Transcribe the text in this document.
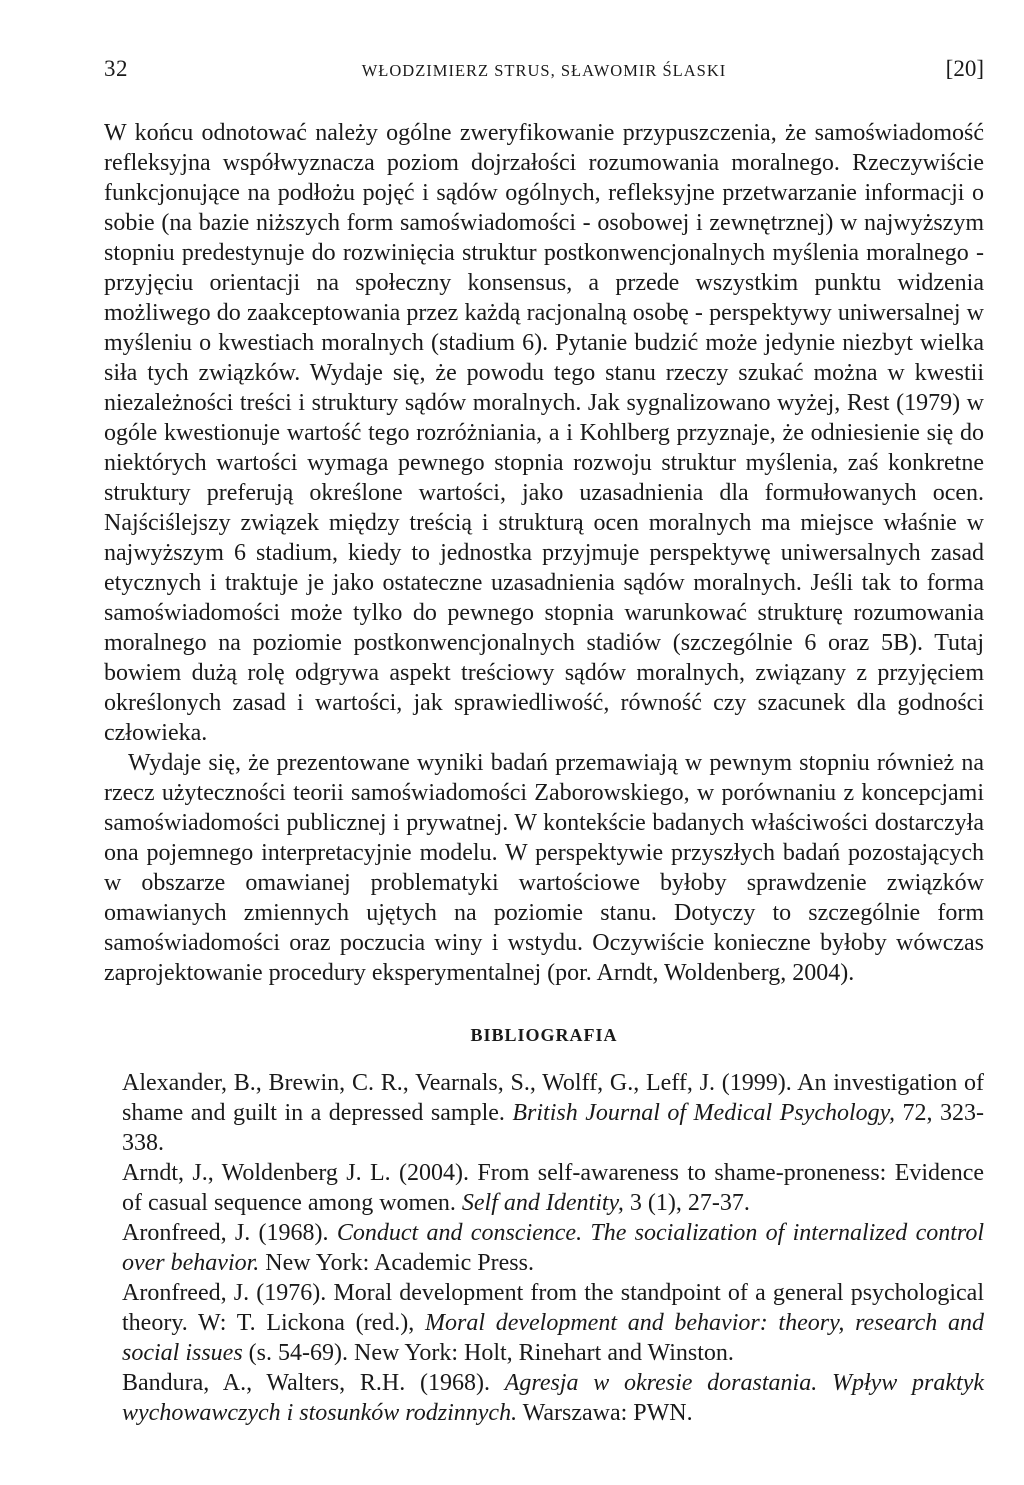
32	WŁODZIMIERZ STRUS, SŁAWOMIR ŚLASKI	[20]

W końcu odnotować należy ogólne zweryfikowanie przypuszczenia, że samoświadomość refleksyjna współwyznacza poziom dojrzałości rozumowania moralnego. Rzeczywiście funkcjonujące na podłożu pojęć i sądów ogólnych, refleksyjne przetwarzanie informacji o sobie (na bazie niższych form samoświadomości - osobowej i zewnętrznej) w najwyższym stopniu predestynuje do rozwinięcia struktur postkonwencjonalnych myślenia moralnego - przyjęciu orientacji na społeczny konsensus, a przede wszystkim punktu widzenia możliwego do zaakceptowania przez każdą racjonalną osobę - perspektywy uniwersalnej w myśleniu o kwestiach moralnych (stadium 6). Pytanie budzić może jedynie niezbyt wielka siła tych związków. Wydaje się, że powodu tego stanu rzeczy szukać można w kwestii niezależności treści i struktury sądów moralnych. Jak sygnalizowano wyżej, Rest (1979) w ogóle kwestionuje wartość tego rozróżniania, a i Kohlberg przyznaje, że odniesienie się do niektórych wartości wymaga pewnego stopnia rozwoju struktur myślenia, zaś konkretne struktury preferują określone wartości, jako uzasadnienia dla formułowanych ocen. Najściślejszy związek między treścią i strukturą ocen moralnych ma miejsce właśnie w najwyższym 6 stadium, kiedy to jednostka przyjmuje perspektywę uniwersalnych zasad etycznych i traktuje je jako ostateczne uzasadnienia sądów moralnych. Jeśli tak to forma samoświadomości może tylko do pewnego stopnia warunkować strukturę rozumowania moralnego na poziomie postkonwencjonalnych stadiów (szczególnie 6 oraz 5B). Tutaj bowiem dużą rolę odgrywa aspekt treściowy sądów moralnych, związany z przyjęciem określonych zasad i wartości, jak sprawiedliwość, równość czy szacunek dla godności człowieka.

Wydaje się, że prezentowane wyniki badań przemawiają w pewnym stopniu również na rzecz użyteczności teorii samoświadomości Zaborowskiego, w porównaniu z koncepcjami samoświadomości publicznej i prywatnej. W kontekście badanych właściwości dostarczyła ona pojemnego interpretacyjnie modelu. W perspektywie przyszłych badań pozostających w obszarze omawianej problematyki wartościowe byłoby sprawdzenie związków omawianych zmiennych ujętych na poziomie stanu. Dotyczy to szczególnie form samoświadomości oraz poczucia winy i wstydu. Oczywiście konieczne byłoby wówczas zaprojektowanie procedury eksperymentalnej (por. Arndt, Woldenberg, 2004).

BIBLIOGRAFIA

Alexander, B., Brewin, C. R., Vearnals, S., Wolff, G., Leff, J. (1999). An investigation of shame and guilt in a depressed sample. British Journal of Medical Psychology, 72, 323-338.

Arndt, J., Woldenberg J. L. (2004). From self-awareness to shame-proneness: Evidence of casual sequence among women. Self and Identity, 3 (1), 27-37.

Aronfreed, J. (1968). Conduct and conscience. The socialization of internalized control over behavior. New York: Academic Press.

Aronfreed, J. (1976). Moral development from the standpoint of a general psychological theory. W: T. Lickona (red.), Moral development and behavior: theory, research and social issues (s. 54-69). New York: Holt, Rinehart and Winston.

Bandura, A., Walters, R.H. (1968). Agresja w okresie dorastania. Wpływ praktyk wychowawczych i stosunków rodzinnych. Warszawa: PWN.
